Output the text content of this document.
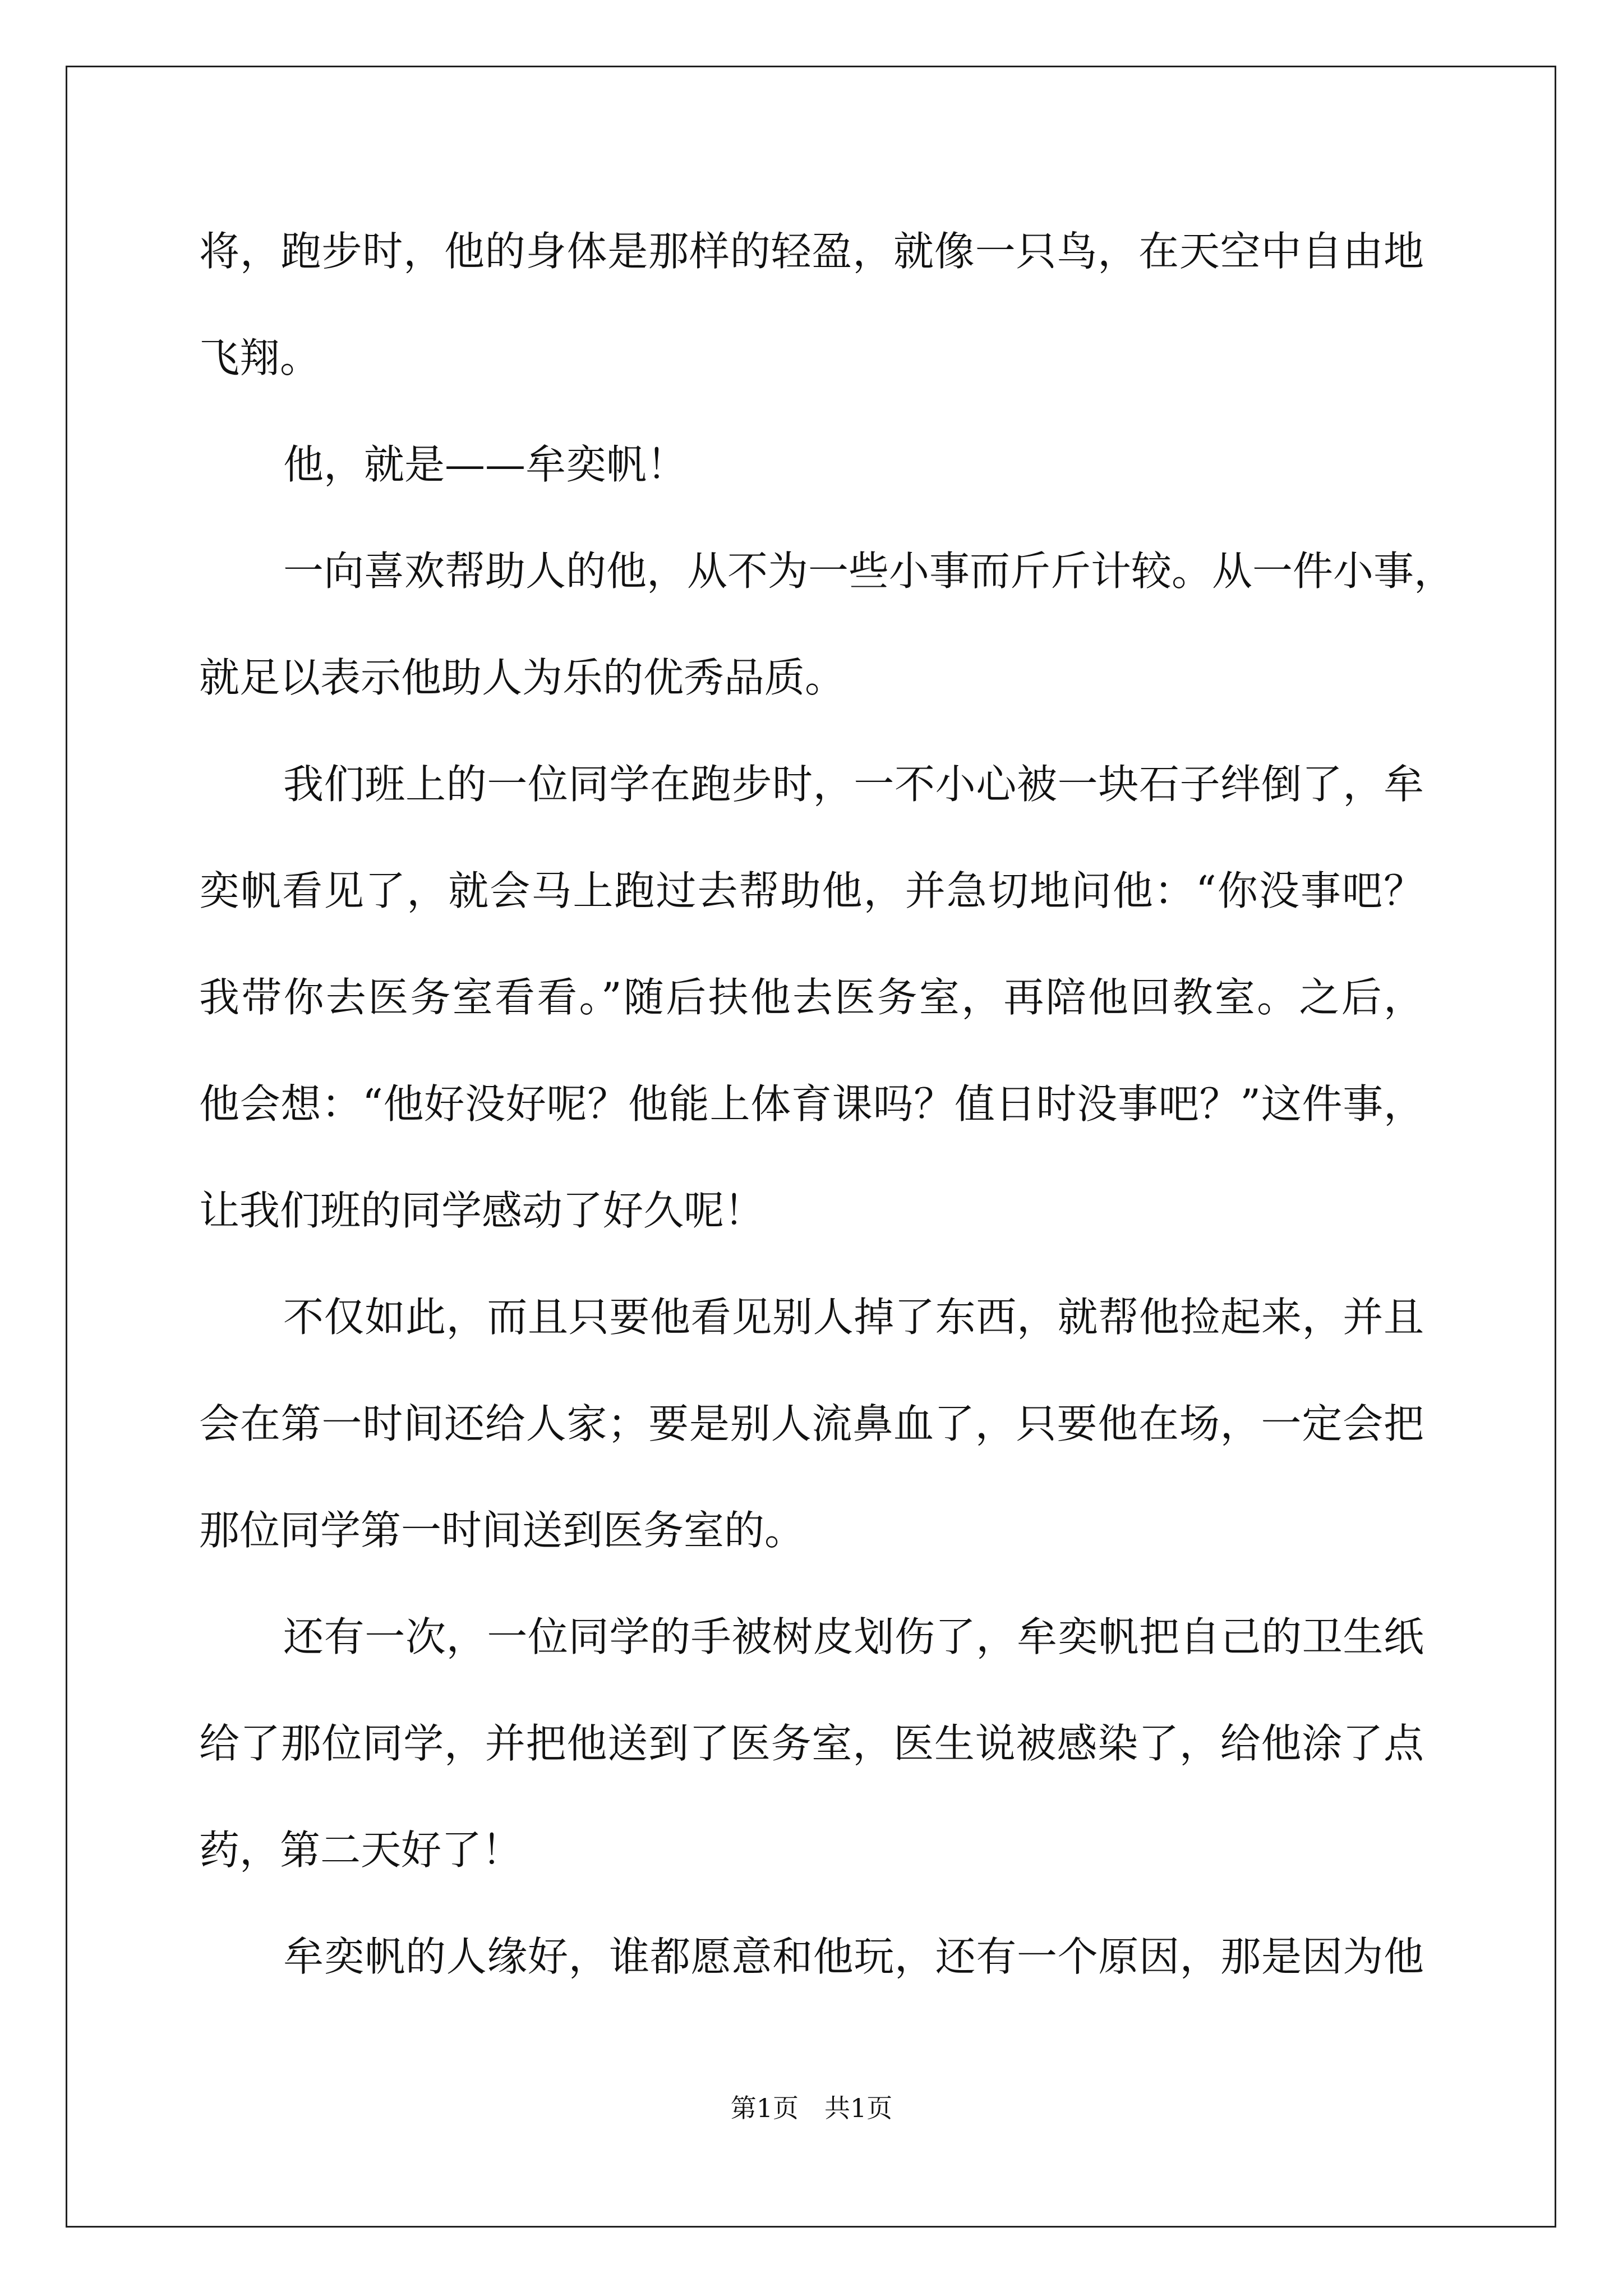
将，跑步时，他的身体是那样的轻盈，就像一只鸟，在天空中自由地
飞翔。
他，就是——牟奕帆！
一向喜欢帮助人的他，从不为一些小事而斤斤计较。从一件小事，
就足以表示他助人为乐的优秀品质。
我们班上的一位同学在跑步时，一不小心被一块石子绊倒了，牟
奕帆看见了，就会马上跑过去帮助他，并急切地问他：“你没事吧？
我带你去医务室看看。”随后扶他去医务室，再陪他回教室。之后，
他会想：“他好没好呢？他能上体育课吗？值日时没事吧？”这件事，
让我们班的同学感动了好久呢！
不仅如此，而且只要他看见别人掉了东西，就帮他捡起来，并且
会在第一时间还给人家；要是别人流鼻血了，只要他在场，一定会把
那位同学第一时间送到医务室的。
还有一次，一位同学的手被树皮划伤了，牟奕帆把自己的卫生纸
给了那位同学，并把他送到了医务室，医生说被感染了，给他涂了点
药，第二天好了！
牟奕帆的人缘好，谁都愿意和他玩，还有一个原因，那是因为他
第1页　共1页
